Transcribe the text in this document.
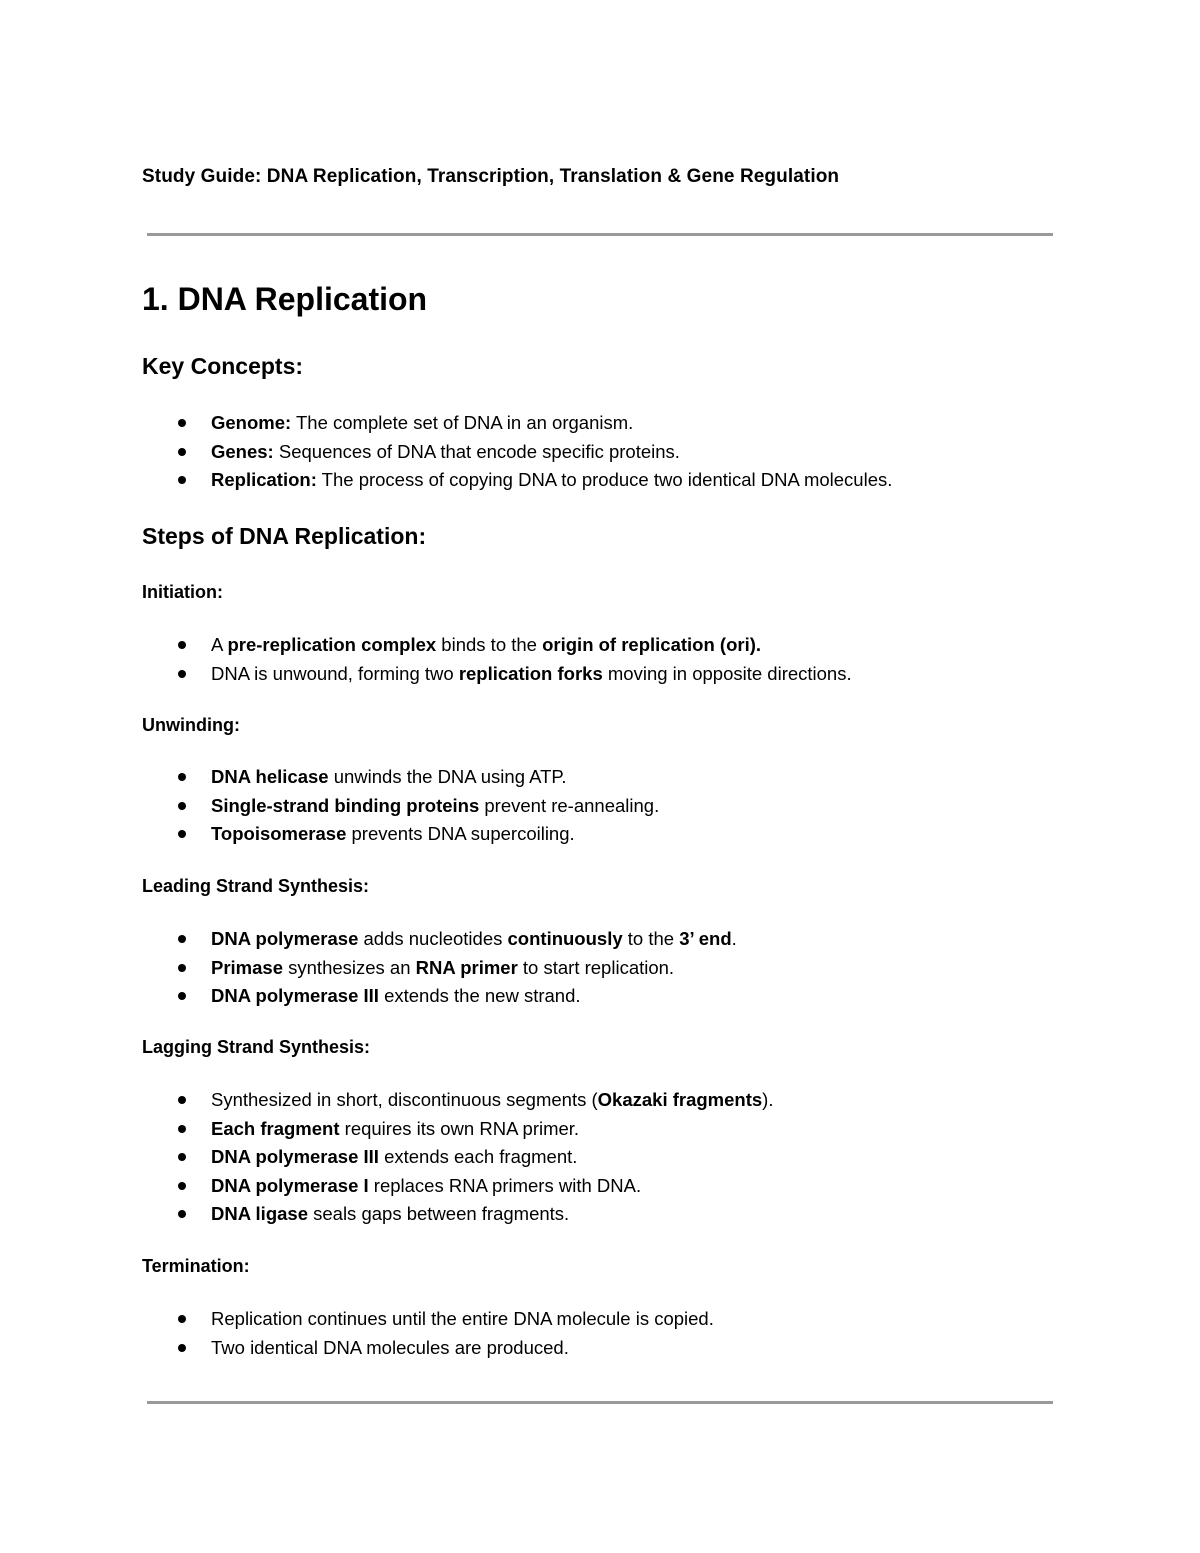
Study Guide: DNA Replication, Transcription, Translation & Gene Regulation
1. DNA Replication
Key Concepts:
Genome: The complete set of DNA in an organism.
Genes: Sequences of DNA that encode specific proteins.
Replication: The process of copying DNA to produce two identical DNA molecules.
Steps of DNA Replication:
Initiation:
A pre-replication complex binds to the origin of replication (ori).
DNA is unwound, forming two replication forks moving in opposite directions.
Unwinding:
DNA helicase unwinds the DNA using ATP.
Single-strand binding proteins prevent re-annealing.
Topoisomerase prevents DNA supercoiling.
Leading Strand Synthesis:
DNA polymerase adds nucleotides continuously to the 3’ end.
Primase synthesizes an RNA primer to start replication.
DNA polymerase III extends the new strand.
Lagging Strand Synthesis:
Synthesized in short, discontinuous segments (Okazaki fragments).
Each fragment requires its own RNA primer.
DNA polymerase III extends each fragment.
DNA polymerase I replaces RNA primers with DNA.
DNA ligase seals gaps between fragments.
Termination:
Replication continues until the entire DNA molecule is copied.
Two identical DNA molecules are produced.
